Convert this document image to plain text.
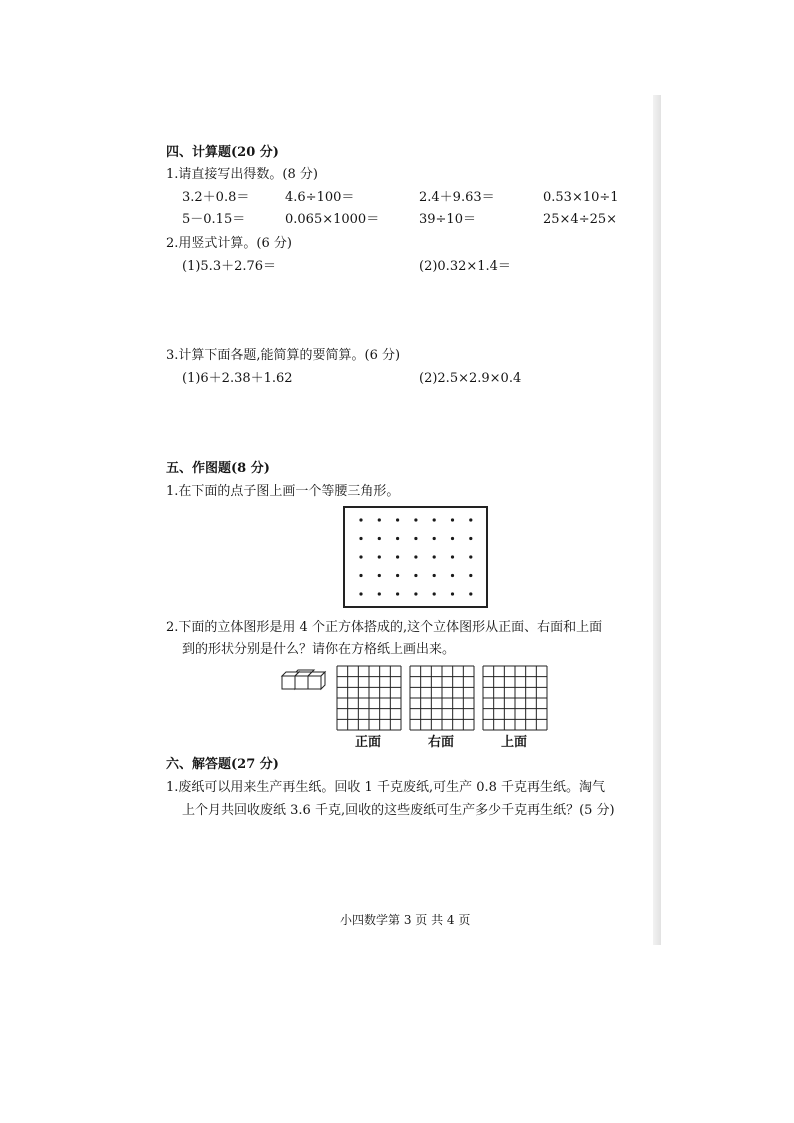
四、计算题(20 分)
1.请直接写出得数。(8 分)
3.2＋0.8＝	4.6÷100＝	2.4＋9.63＝	0.53×10÷1
5－0.15＝	0.065×1000＝	39÷10＝	25×4÷25×
2.用竖式计算。(6 分)
(1)5.3＋2.76＝	(2)0.32×1.4＝
3.计算下面各题,能简算的要简算。(6 分)
(1)6＋2.38＋1.62	(2)2.5×2.9×0.4
五、作图题(8 分)
1.在下面的点子图上画一个等腰三角形。
2.下面的立体图形是用 4 个正方体搭成的,这个立体图形从正面、右面和上面
到的形状分别是什么？请你在方格纸上画出来。
正面	右面	上面
六、解答题(27 分)
1.废纸可以用来生产再生纸。回收 1 千克废纸,可生产 0.8 千克再生纸。淘气
上个月共回收废纸 3.6 千克,回收的这些废纸可生产多少千克再生纸？(5 分)
小四数学第 3 页 共 4 页
